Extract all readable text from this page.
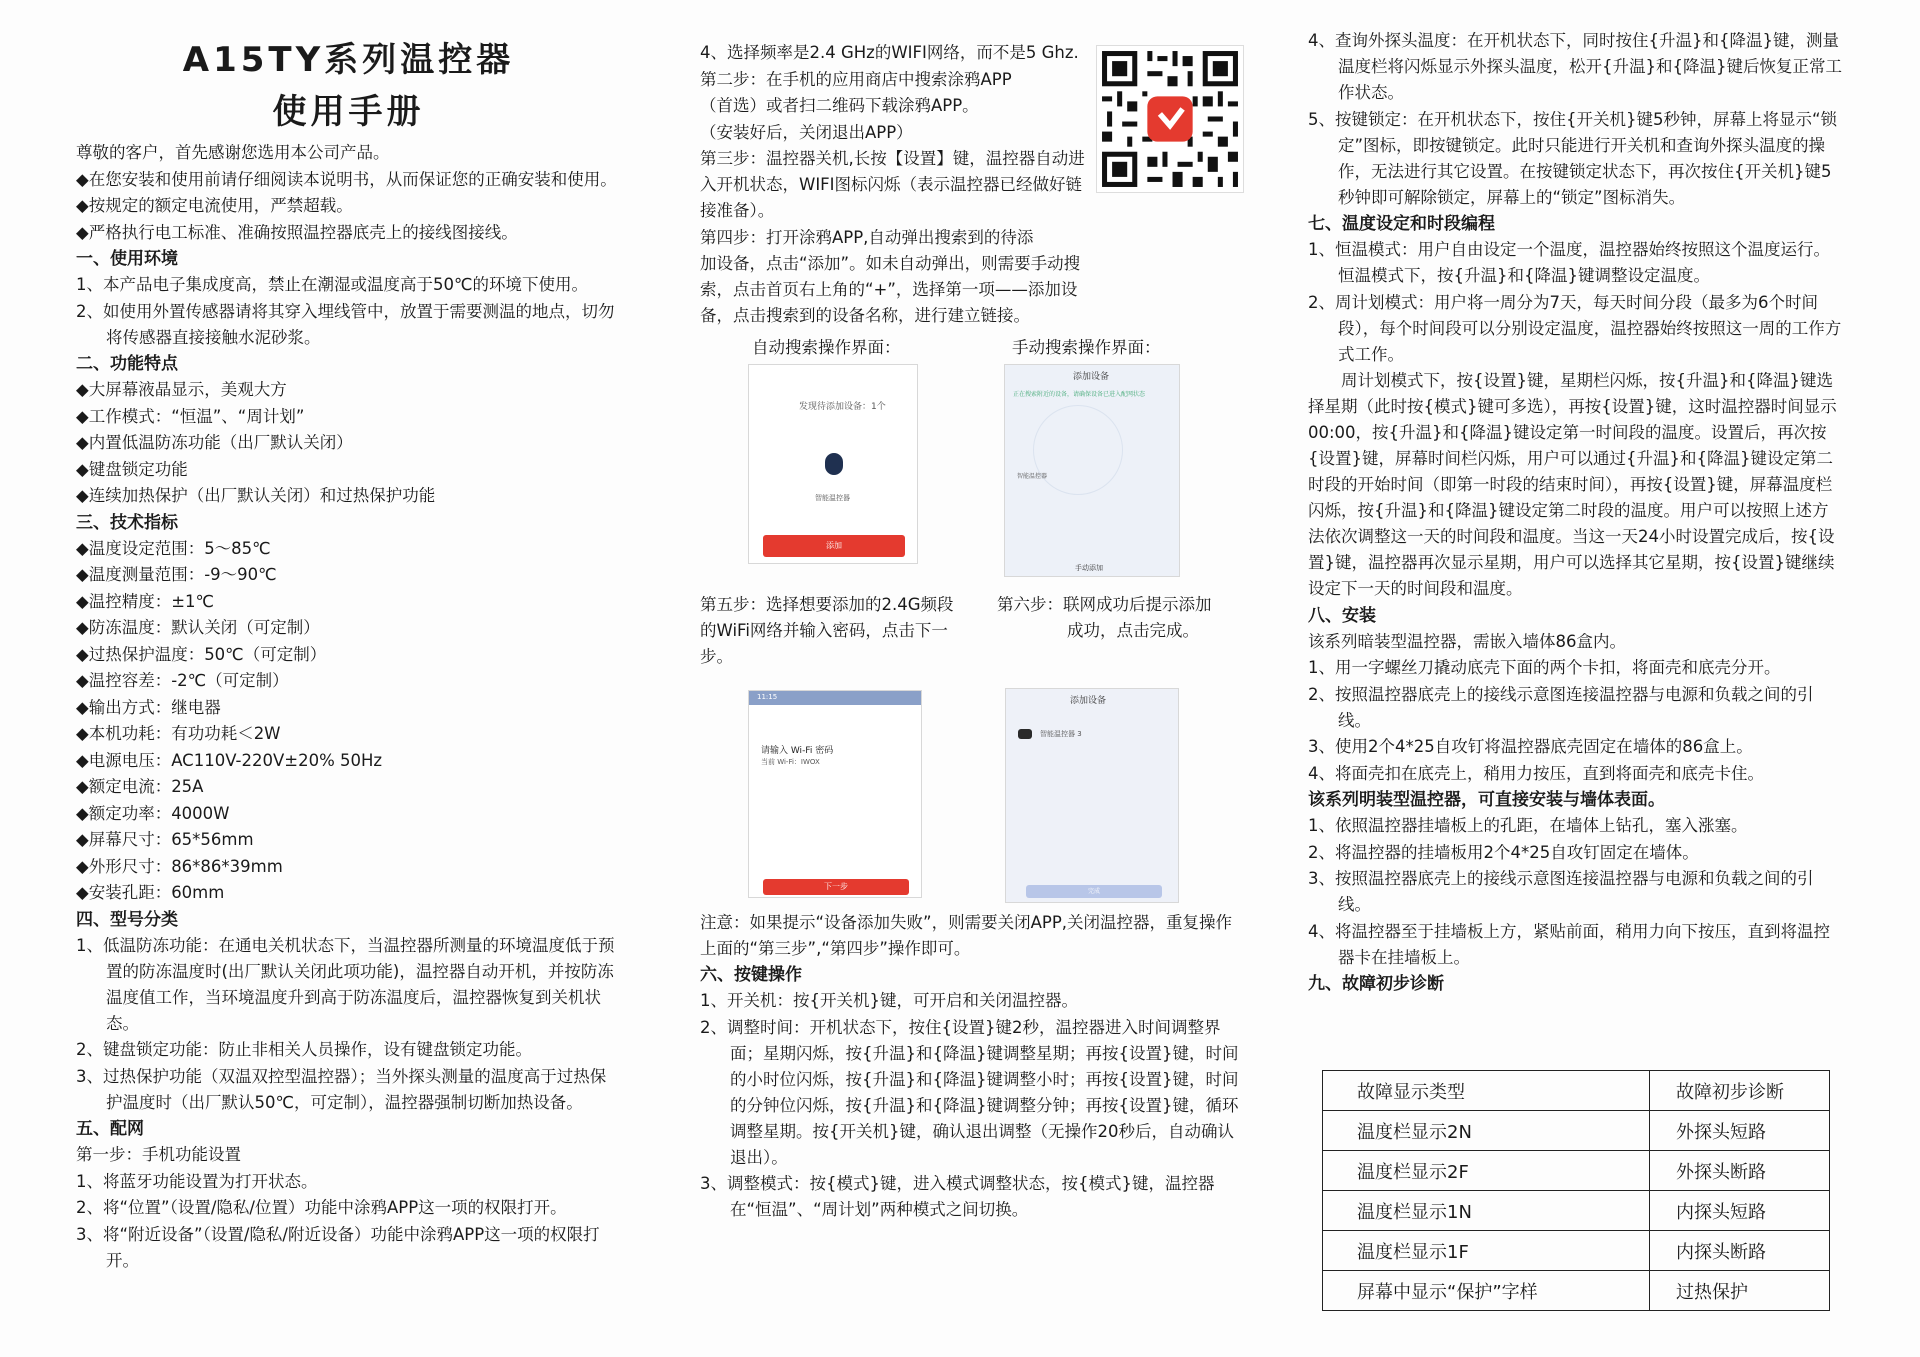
A15TY系列温控器
使用手册
尊敬的客户，首先感谢您选用本公司产品。
◆在您安装和使用前请仔细阅读本说明书，从而保证您的正确安装和使用。
◆按规定的额定电流使用，严禁超载。
◆严格执行电工标准、准确按照温控器底壳上的接线图接线。
一、使用环境
1、本产品电子集成度高，禁止在潮湿或温度高于50℃的环境下使用。
2、如使用外置传感器请将其穿入埋线管中，放置于需要测温的地点，切勿将传感器直接接触水泥砂浆。
二、功能特点
◆大屏幕液晶显示，美观大方
◆工作模式：“恒温”、“周计划”
◆内置低温防冻功能（出厂默认关闭）
◆键盘锁定功能
◆连续加热保护（出厂默认关闭）和过热保护功能
三、技术指标
◆温度设定范围：5～85℃
◆温度测量范围：-9～90℃
◆温控精度：±1℃
◆防冻温度：默认关闭（可定制）
◆过热保护温度：50℃（可定制）
◆温控容差：-2℃（可定制）
◆输出方式：继电器
◆本机功耗：有功功耗＜2W
◆电源电压：AC110V-220V±20% 50Hz
◆额定电流：25A
◆额定功率：4000W
◆屏幕尺寸：65*56mm
◆外形尺寸：86*86*39mm
◆安装孔距：60mm
四、型号分类
1、低温防冻功能：在通电关机状态下，当温控器所测量的环境温度低于预置的防冻温度时(出厂默认关闭此项功能)，温控器自动开机，并按防冻温度值工作，当环境温度升到高于防冻温度后，温控器恢复到关机状态。
2、键盘锁定功能：防止非相关人员操作，设有键盘锁定功能。
3、过热保护功能（双温双控型温控器）；当外探头测量的温度高于过热保护温度时（出厂默认50℃，可定制），温控器强制切断加热设备。
五、配网
第一步：手机功能设置
1、将蓝牙功能设置为打开状态。
2、将“位置”（设置/隐私/位置）功能中涂鸦APP这一项的权限打开。
3、将“附近设备”（设置/隐私/附近设备）功能中涂鸦APP这一项的权限打开。
4、选择频率是2.4 GHz的WIFI网络，而不是5 Ghz.
第二步：在手机的应用商店中搜索涂鸦APP
（首选）或者扫二维码下载涂鸦APP。
（安装好后，关闭退出APP）
第三步：温控器关机,长按【设置】键，温控器自动进入开机状态，WIFI图标闪烁（表示温控器已经做好链接准备）。
第四步：打开涂鸦APP,自动弹出搜索到的待添
加设备，点击“添加”。如未自动弹出，则需要手动搜索，点击首页右上角的“+”，选择第一项——添加设备，点击搜索到的设备名称，进行建立链接。
自动搜索操作界面：	手动搜索操作界面：
发现待添加设备：1个
智能温控器
添加
添加设备
正在搜索附近的设备，请确保设备已进入配网状态
智能温控器
手动添加
第五步：选择想要添加的2.4G频段的WiFi网络并输入密码，点击下一步。
第六步：联网成功后提示添加
成功，点击完成。
11:15
请输入 Wi-Fi 密码
当前 Wi-Fi：IWOX
下一步
添加设备
智能温控器 3
完成
注意：如果提示“设备添加失败”，则需要关闭APP,关闭温控器，重复操作上面的“第三步”,“第四步”操作即可。
六、按键操作
1、开关机：按{开关机}键，可开启和关闭温控器。
2、调整时间：开机状态下，按住{设置}键2秒，温控器进入时间调整界面；星期闪烁，按{升温}和{降温}键调整星期；再按{设置}键，时间的小时位闪烁，按{升温}和{降温}键调整小时；再按{设置}键，时间的分钟位闪烁，按{升温}和{降温}键调整分钟；再按{设置}键，循环调整星期。按{开关机}键，确认退出调整（无操作20秒后，自动确认退出）。
3、调整模式：按{模式}键，进入模式调整状态，按{模式}键，温控器在“恒温”、“周计划”两种模式之间切换。
4、查询外探头温度：在开机状态下，同时按住{升温}和{降温}键，测量温度栏将闪烁显示外探头温度，松开{升温}和{降温}键后恢复正常工作状态。
5、按键锁定：在开机状态下，按住{开关机}键5秒钟，屏幕上将显示“锁定”图标，即按键锁定。此时只能进行开关机和查询外探头温度的操作，无法进行其它设置。在按键锁定状态下，再次按住{开关机}键5秒钟即可解除锁定，屏幕上的“锁定”图标消失。
七、温度设定和时段编程
1、恒温模式：用户自由设定一个温度，温控器始终按照这个温度运行。恒温模式下，按{升温}和{降温}键调整设定温度。
2、周计划模式：用户将一周分为7天，每天时间分段（最多为6个时间段），每个时间段可以分别设定温度，温控器始终按照这一周的工作方式工作。
　　周计划模式下，按{设置}键，星期栏闪烁，按{升温}和{降温}键选择星期（此时按{模式}键可多选），再按{设置}键，这时温控器时间显示00:00，按{升温}和{降温}键设定第一时间段的温度。设置后，再次按{设置}键，屏幕时间栏闪烁，用户可以通过{升温}和{降温}键设定第二时段的开始时间（即第一时段的结束时间），再按{设置}键，屏幕温度栏闪烁，按{升温}和{降温}键设定第二时段的温度。用户可以按照上述方法依次调整这一天的时间段和温度。当这一天24小时设置完成后，按{设置}键，温控器再次显示星期，用户可以选择其它星期，按{设置}键继续设定下一天的时间段和温度。
八、安装
该系列暗装型温控器，需嵌入墙体86盒内。
1、用一字螺丝刀撬动底壳下面的两个卡扣，将面壳和底壳分开。
2、按照温控器底壳上的接线示意图连接温控器与电源和负载之间的引线。
3、使用2个4*25自攻钉将温控器底壳固定在墙体的86盒上。
4、将面壳扣在底壳上，稍用力按压，直到将面壳和底壳卡住。
该系列明装型温控器，可直接安装与墙体表面。
1、依照温控器挂墙板上的孔距，在墙体上钻孔，塞入涨塞。
2、将温控器的挂墙板用2个4*25自攻钉固定在墙体。
3、按照温控器底壳上的接线示意图连接温控器与电源和负载之间的引线。
4、将温控器至于挂墙板上方，紧贴前面，稍用力向下按压，直到将温控器卡在挂墙板上。
九、故障初步诊断
故障显示类型	故障初步诊断
温度栏显示2N	外探头短路
温度栏显示2F	外探头断路
温度栏显示1N	内探头短路
温度栏显示1F	内探头断路
屏幕中显示“保护”字样	过热保护
